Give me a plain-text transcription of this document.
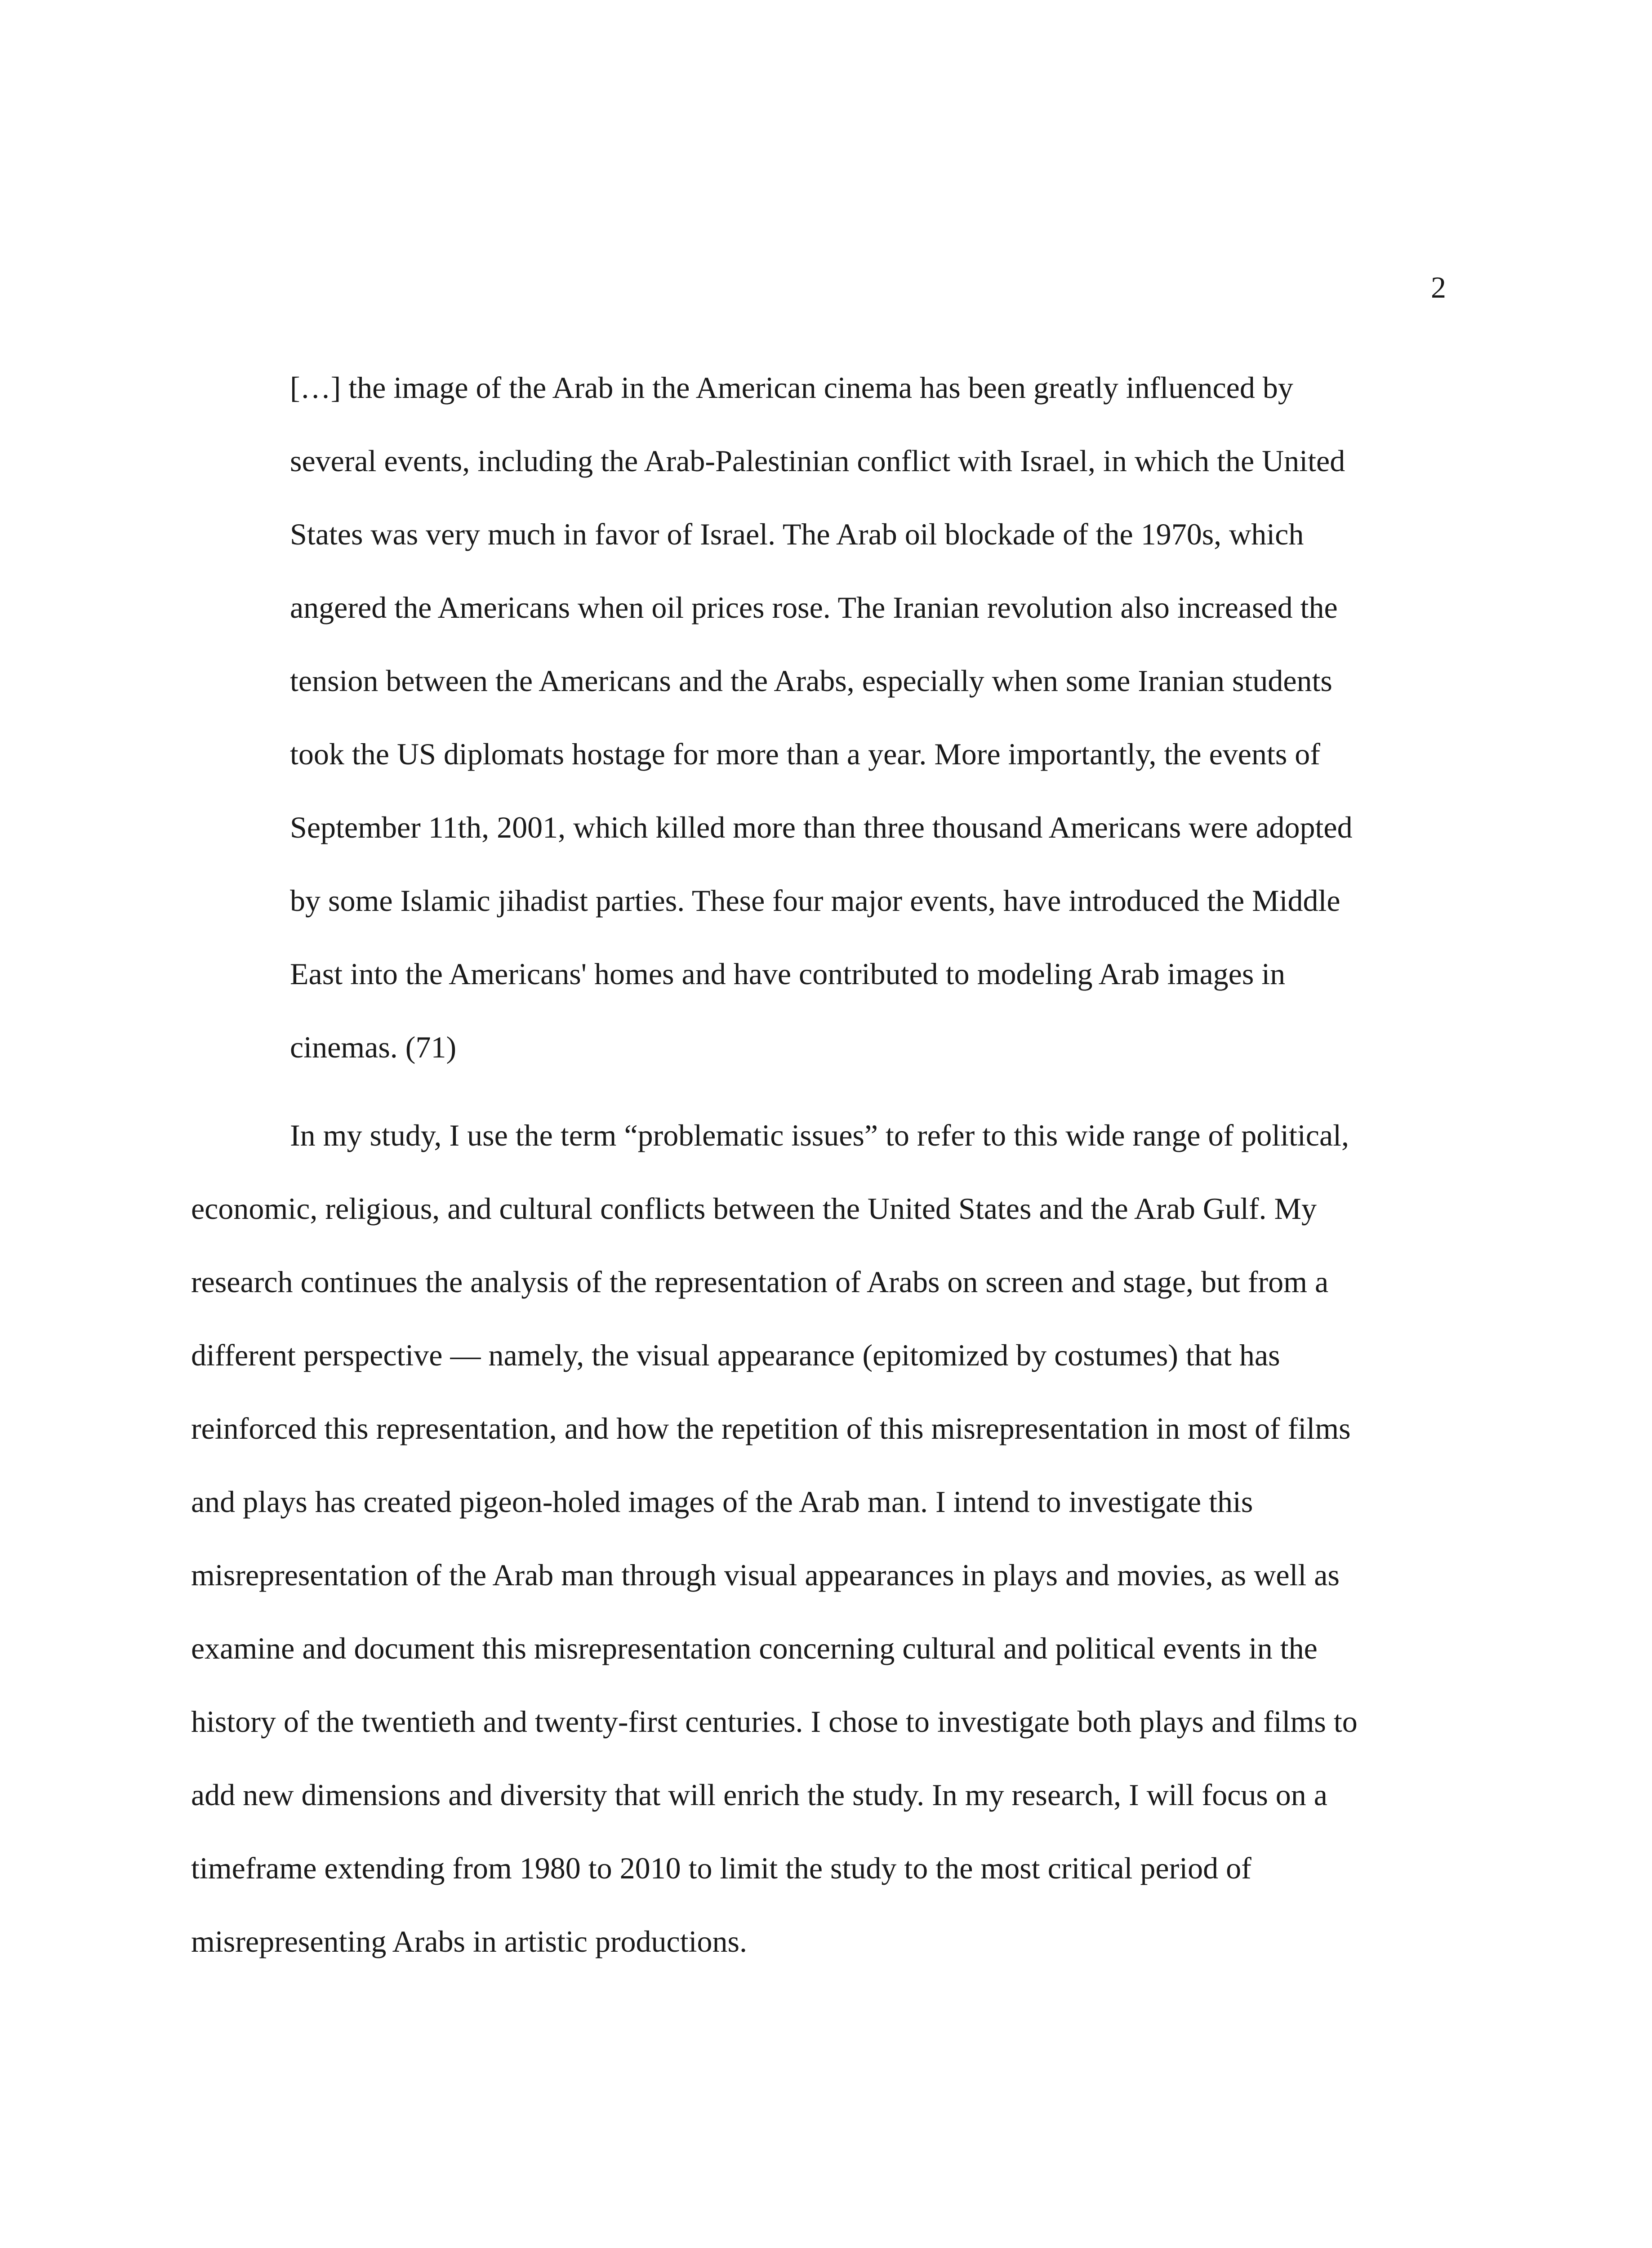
2
[…] the image of the Arab in the American cinema has been greatly influenced by
several events, including the Arab-Palestinian conflict with Israel, in which the United
States was very much in favor of Israel. The Arab oil blockade of the 1970s, which
angered the Americans when oil prices rose. The Iranian revolution also increased the
tension between the Americans and the Arabs, especially when some Iranian students
took the US diplomats hostage for more than a year. More importantly, the events of
September 11th, 2001, which killed more than three thousand Americans were adopted
by some Islamic jihadist parties. These four major events, have introduced the Middle
East into the Americans' homes and have contributed to modeling Arab images in
cinemas. (71)
In my study, I use the term “problematic issues” to refer to this wide range of political,
economic, religious, and cultural conflicts between the United States and the Arab Gulf. My
research continues the analysis of the representation of Arabs on screen and stage, but from a
different perspective — namely, the visual appearance (epitomized by costumes) that has
reinforced this representation, and how the repetition of this misrepresentation in most of films
and plays has created pigeon-holed images of the Arab man. I intend to investigate this
misrepresentation of the Arab man through visual appearances in plays and movies, as well as
examine and document this misrepresentation concerning cultural and political events in the
history of the twentieth and twenty-first centuries. I chose to investigate both plays and films to
add new dimensions and diversity that will enrich the study. In my research, I will focus on a
timeframe extending from 1980 to 2010 to limit the study to the most critical period of
misrepresenting Arabs in artistic productions.
